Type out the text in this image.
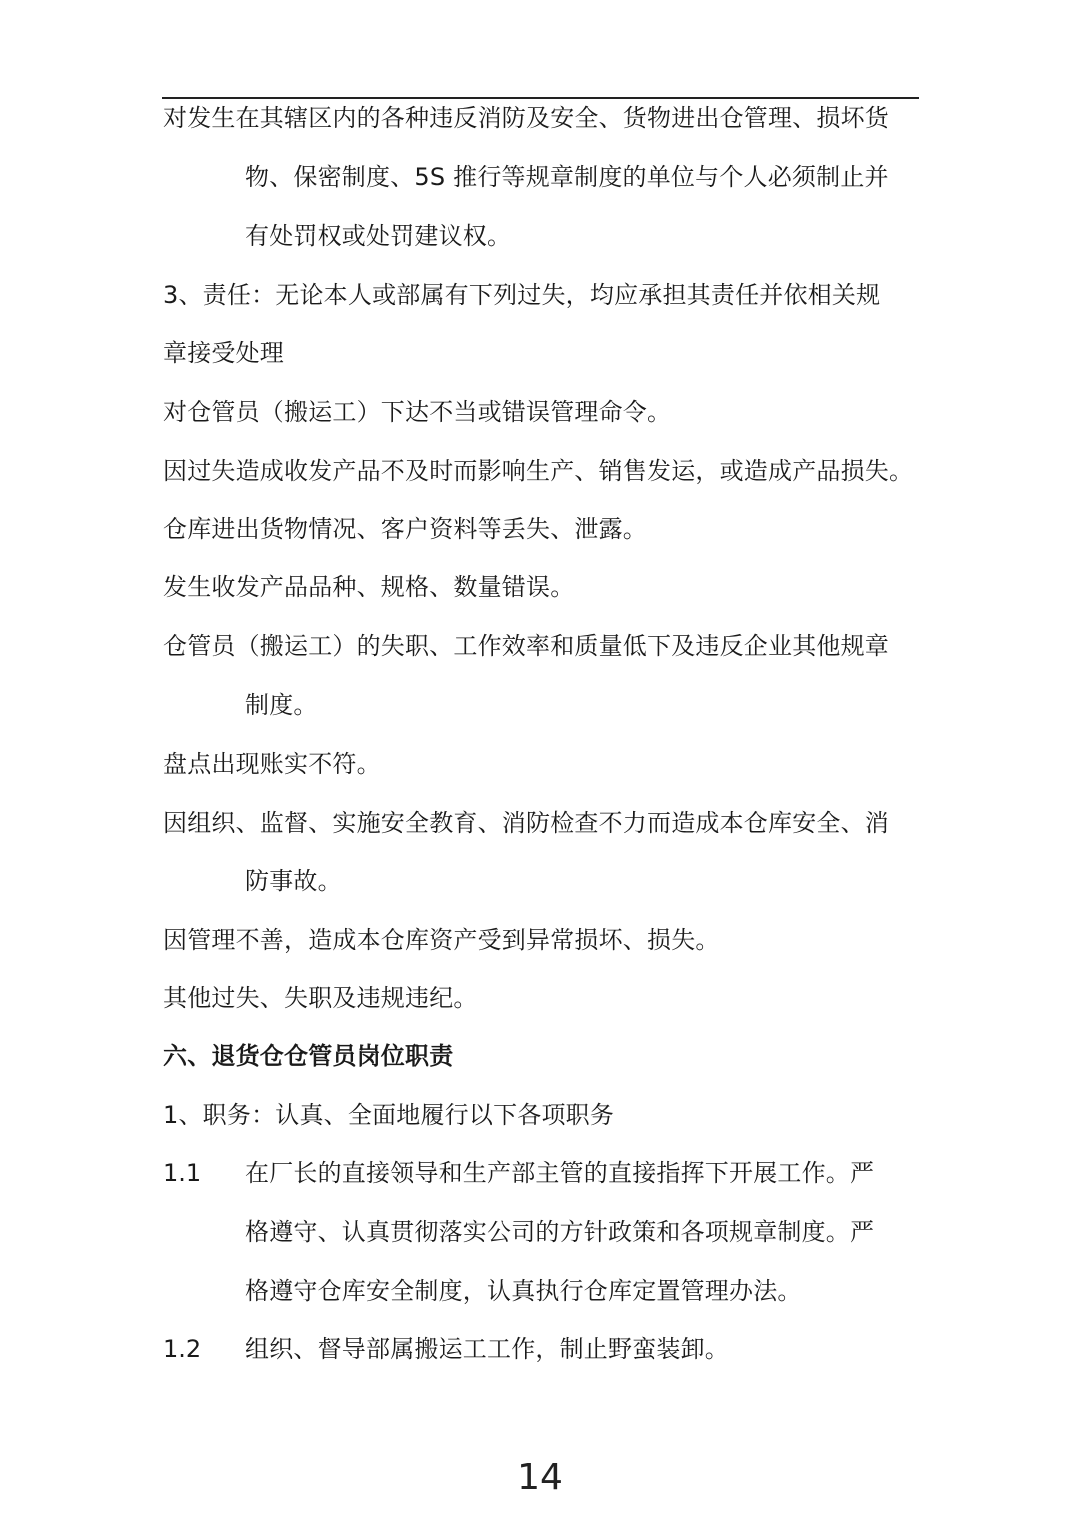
对发生在其辖区内的各种违反消防及安全、货物进出仓管理、损坏货
物、保密制度、5S 推行等规章制度的单位与个人必须制止并
有处罚权或处罚建议权。
3、责任：无论本人或部属有下列过失，均应承担其责任并依相关规
章接受处理
对仓管员（搬运工）下达不当或错误管理命令。
因过失造成收发产品不及时而影响生产、销售发运，或造成产品损失。
仓库进出货物情况、客户资料等丢失、泄露。
发生收发产品品种、规格、数量错误。
仓管员（搬运工）的失职、工作效率和质量低下及违反企业其他规章
制度。
盘点出现账实不符。
因组织、监督、实施安全教育、消防检查不力而造成本仓库安全、消
防事故。
因管理不善，造成本仓库资产受到异常损坏、损失。
其他过失、失职及违规违纪。
六、退货仓仓管员岗位职责
1、职务：认真、全面地履行以下各项职务
1.1 在厂长的直接领导和生产部主管的直接指挥下开展工作。严
格遵守、认真贯彻落实公司的方针政策和各项规章制度。严
格遵守仓库安全制度，认真执行仓库定置管理办法。
1.2 组织、督导部属搬运工工作，制止野蛮装卸。
14
